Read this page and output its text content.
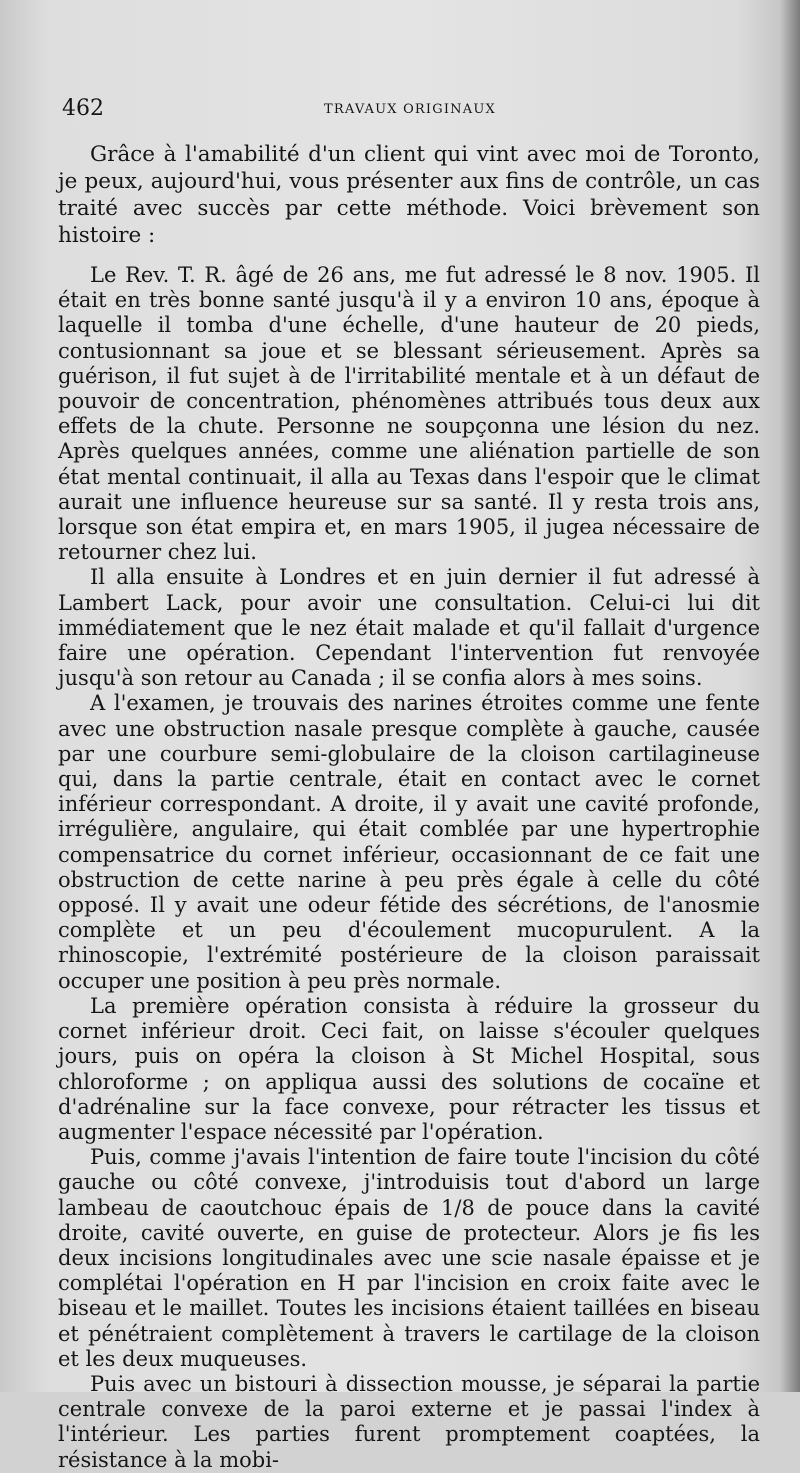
462	TRAVAUX ORIGINAUX

Grâce à l'amabilité d'un client qui vint avec moi de Toronto, je peux, aujourd'hui, vous présenter aux fins de contrôle, un cas traité avec succès par cette méthode. Voici brèvement son histoire :

Le Rev. T. R. âgé de 26 ans, me fut adressé le 8 nov. 1905. Il était en très bonne santé jusqu'à il y a environ 10 ans, époque à laquelle il tomba d'une échelle, d'une hauteur de 20 pieds, contusionnant sa joue et se blessant sérieusement. Après sa guérison, il fut sujet à de l'irritabilité mentale et à un défaut de pouvoir de concentration, phénomènes attribués tous deux aux effets de la chute. Personne ne soupçonna une lésion du nez. Après quelques années, comme une aliénation partielle de son état mental continuait, il alla au Texas dans l'espoir que le climat aurait une influence heureuse sur sa santé. Il y resta trois ans, lorsque son état empira et, en mars 1905, il jugea nécessaire de retourner chez lui.

Il alla ensuite à Londres et en juin dernier il fut adressé à Lambert Lack, pour avoir une consultation. Celui-ci lui dit immédiatement que le nez était malade et qu'il fallait d'urgence faire une opération. Cependant l'intervention fut renvoyée jusqu'à son retour au Canada ; il se confia alors à mes soins.

A l'examen, je trouvais des narines étroites comme une fente avec une obstruction nasale presque complète à gauche, causée par une courbure semi-globulaire de la cloison cartilagineuse qui, dans la partie centrale, était en contact avec le cornet inférieur correspondant. A droite, il y avait une cavité profonde, irrégulière, angulaire, qui était comblée par une hypertrophie compensatrice du cornet inférieur, occasionnant de ce fait une obstruction de cette narine à peu près égale à celle du côté opposé. Il y avait une odeur fétide des sécrétions, de l'anosmie complète et un peu d'écoulement mucopurulent. A la rhinoscopie, l'extrémité postérieure de la cloison paraissait occuper une position à peu près normale.

La première opération consista à réduire la grosseur du cornet inférieur droit. Ceci fait, on laisse s'écouler quelques jours, puis on opéra la cloison à St Michel Hospital, sous chloroforme ; on appliqua aussi des solutions de cocaïne et d'adrénaline sur la face convexe, pour rétracter les tissus et augmenter l'espace nécessité par l'opération.

Puis, comme j'avais l'intention de faire toute l'incision du côté gauche ou côté convexe, j'introduisis tout d'abord un large lambeau de caoutchouc épais de 1/8 de pouce dans la cavité droite, cavité ouverte, en guise de protecteur. Alors je fis les deux incisions longitudinales avec une scie nasale épaisse et je complétai l'opération en H par l'incision en croix faite avec le biseau et le maillet. Toutes les incisions étaient taillées en biseau et pénétraient complètement à travers le cartilage de la cloison et les deux muqueuses.

Puis avec un bistouri à dissection mousse, je séparai la partie centrale convexe de la paroi externe et je passai l'index à l'intérieur. Les parties furent promptement coaptées, la résistance à la mobi-
